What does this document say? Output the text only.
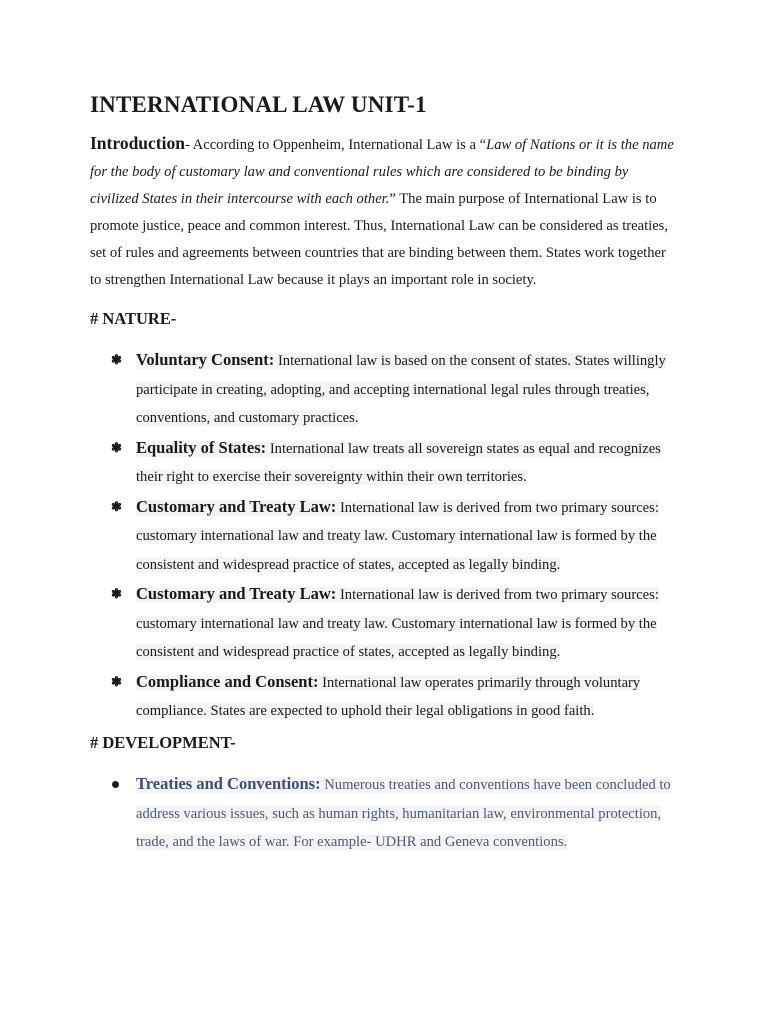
INTERNATIONAL LAW UNIT-1

Introduction- According to Oppenheim, International Law is a “Law of Nations or it is the name for the body of customary law and conventional rules which are considered to be binding by civilized States in their intercourse with each other.” The main purpose of International Law is to promote justice, peace and common interest. Thus, International Law can be considered as treaties, set of rules and agreements between countries that are binding between them. States work together to strengthen International Law because it plays an important role in society.

# NATURE-
❃ Voluntary Consent: International law is based on the consent of states. States willingly participate in creating, adopting, and accepting international legal rules through treaties, conventions, and customary practices.
❃ Equality of States: International law treats all sovereign states as equal and recognizes their right to exercise their sovereignty within their own territories.
❃ Customary and Treaty Law: International law is derived from two primary sources: customary international law and treaty law. Customary international law is formed by the consistent and widespread practice of states, accepted as legally binding.
❃ Customary and Treaty Law: International law is derived from two primary sources: customary international law and treaty law. Customary international law is formed by the consistent and widespread practice of states, accepted as legally binding.
❃ Compliance and Consent: International law operates primarily through voluntary compliance. States are expected to uphold their legal obligations in good faith.
# DEVELOPMENT-
Treaties and Conventions: Numerous treaties and conventions have been concluded to address various issues, such as human rights, humanitarian law, environmental protection, trade, and the laws of war. For example- UDHR and Geneva conventions.
